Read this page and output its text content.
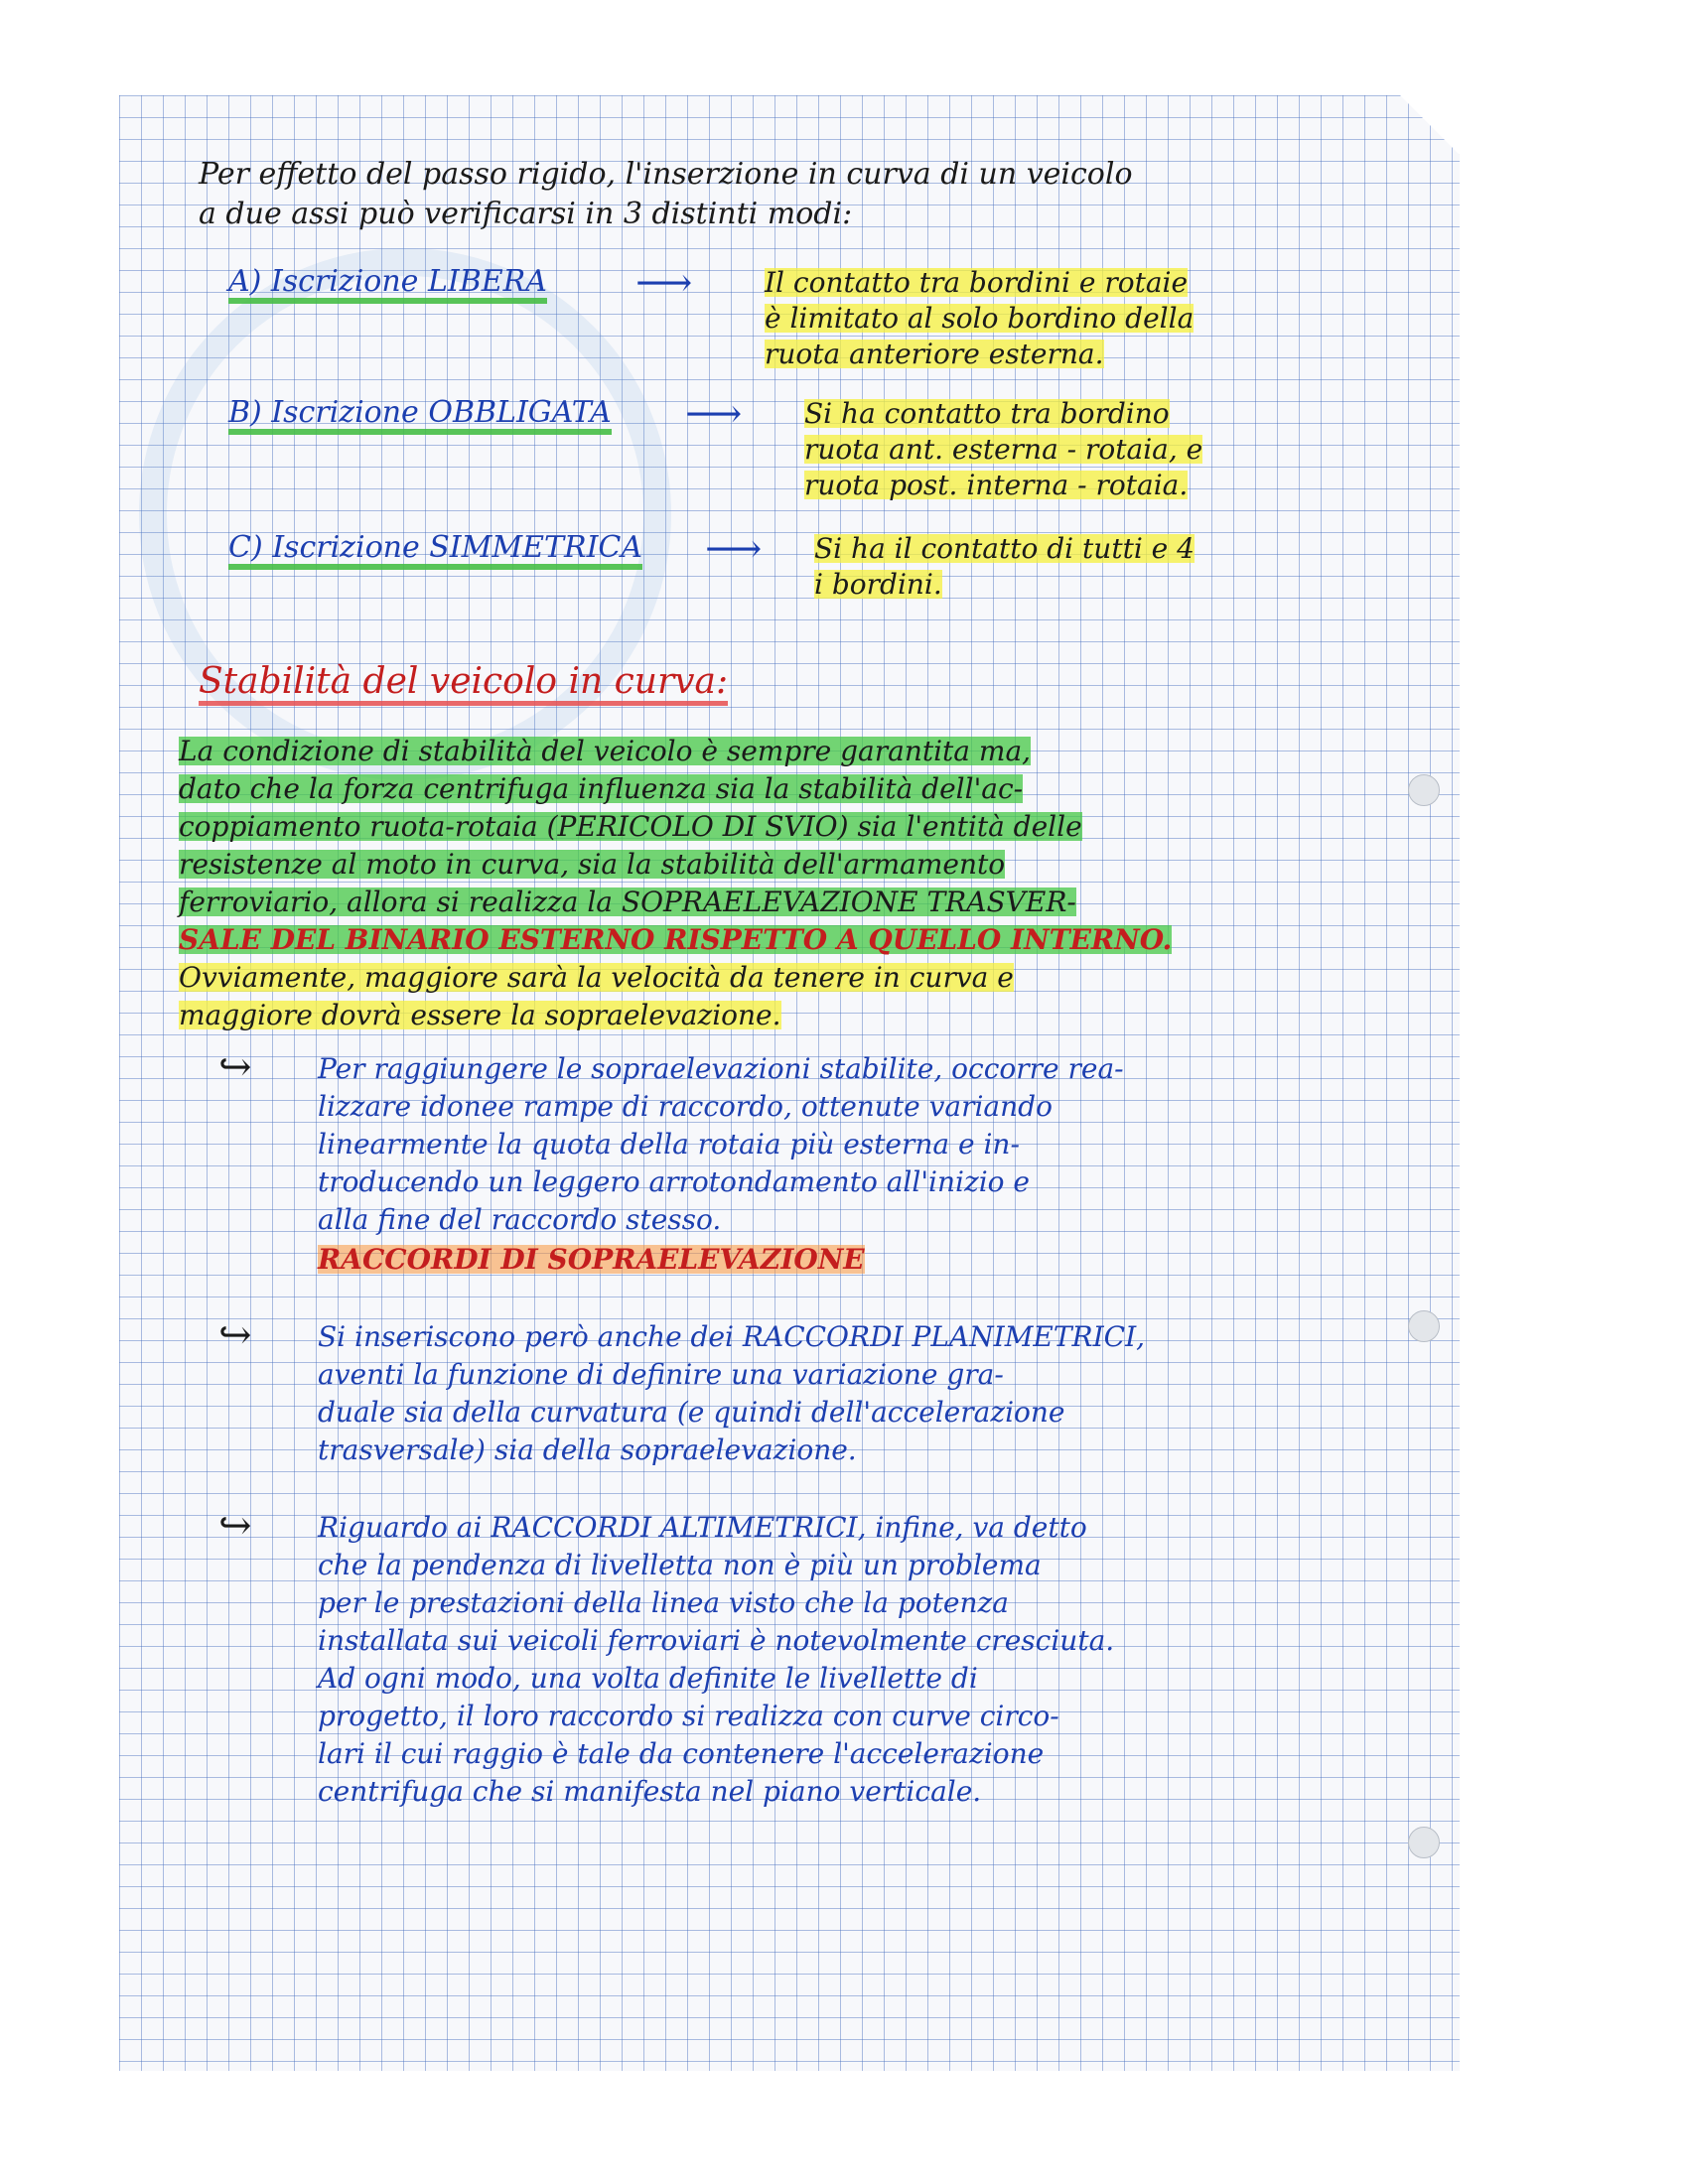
Per effetto del passo rigido, l'inserzione in curva di un veicolo
a due assi può verificarsi in 3 distinti modi:
A) Iscrizione LIBERA ⟶	Il contatto tra bordini e rotaie
è limitato al solo bordino della
ruota anteriore esterna.
B) Iscrizione OBBLIGATA ⟶ Si ha contatto tra bordino
ruota ant. esterna - rotaia, e
ruota post. interna - rotaia.
C) Iscrizione SIMMETRICA ⟶ Si ha il contatto di tutti e 4
i bordini.
Stabilità del veicolo in curva:
La condizione di stabilità del veicolo è sempre garantita ma,
dato che la forza centrifuga influenza sia la stabilità dell'ac-
coppiamento ruota-rotaia (PERICOLO DI SVIO) sia l'entità delle
resistenze al moto in curva, sia la stabilità dell'armamento
ferroviario, allora si realizza la SOPRAELEVAZIONE TRASVER-
SALE DEL BINARIO ESTERNO RISPETTO A QUELLO INTERNO.
Ovviamente, maggiore sarà la velocità da tenere in curva e
maggiore dovrà essere la sopraelevazione.
↪ Per raggiungere le sopraelevazioni stabilite, occorre rea-
lizzare idonee rampe di raccordo, ottenute variando
linearmente la quota della rotaia più esterna e in-
troducendo un leggero arrotondamento all'inizio e
alla fine del raccordo stesso.
RACCORDI DI SOPRAELEVAZIONE
↪ Si inseriscono però anche dei RACCORDI PLANIMETRICI,
aventi la funzione di definire una variazione gra-
duale sia della curvatura (e quindi dell'accelerazione
trasversale) sia della sopraelevazione.
↪ Riguardo ai RACCORDI ALTIMETRICI, infine, va detto
che la pendenza di livelletta non è più un problema
per le prestazioni della linea visto che la potenza
installata sui veicoli ferroviari è notevolmente cresciuta.
Ad ogni modo, una volta definite le livellette di
progetto, il loro raccordo si realizza con curve circo-
lari il cui raggio è tale da contenere l'accelerazione
centrifuga che si manifesta nel piano verticale.
